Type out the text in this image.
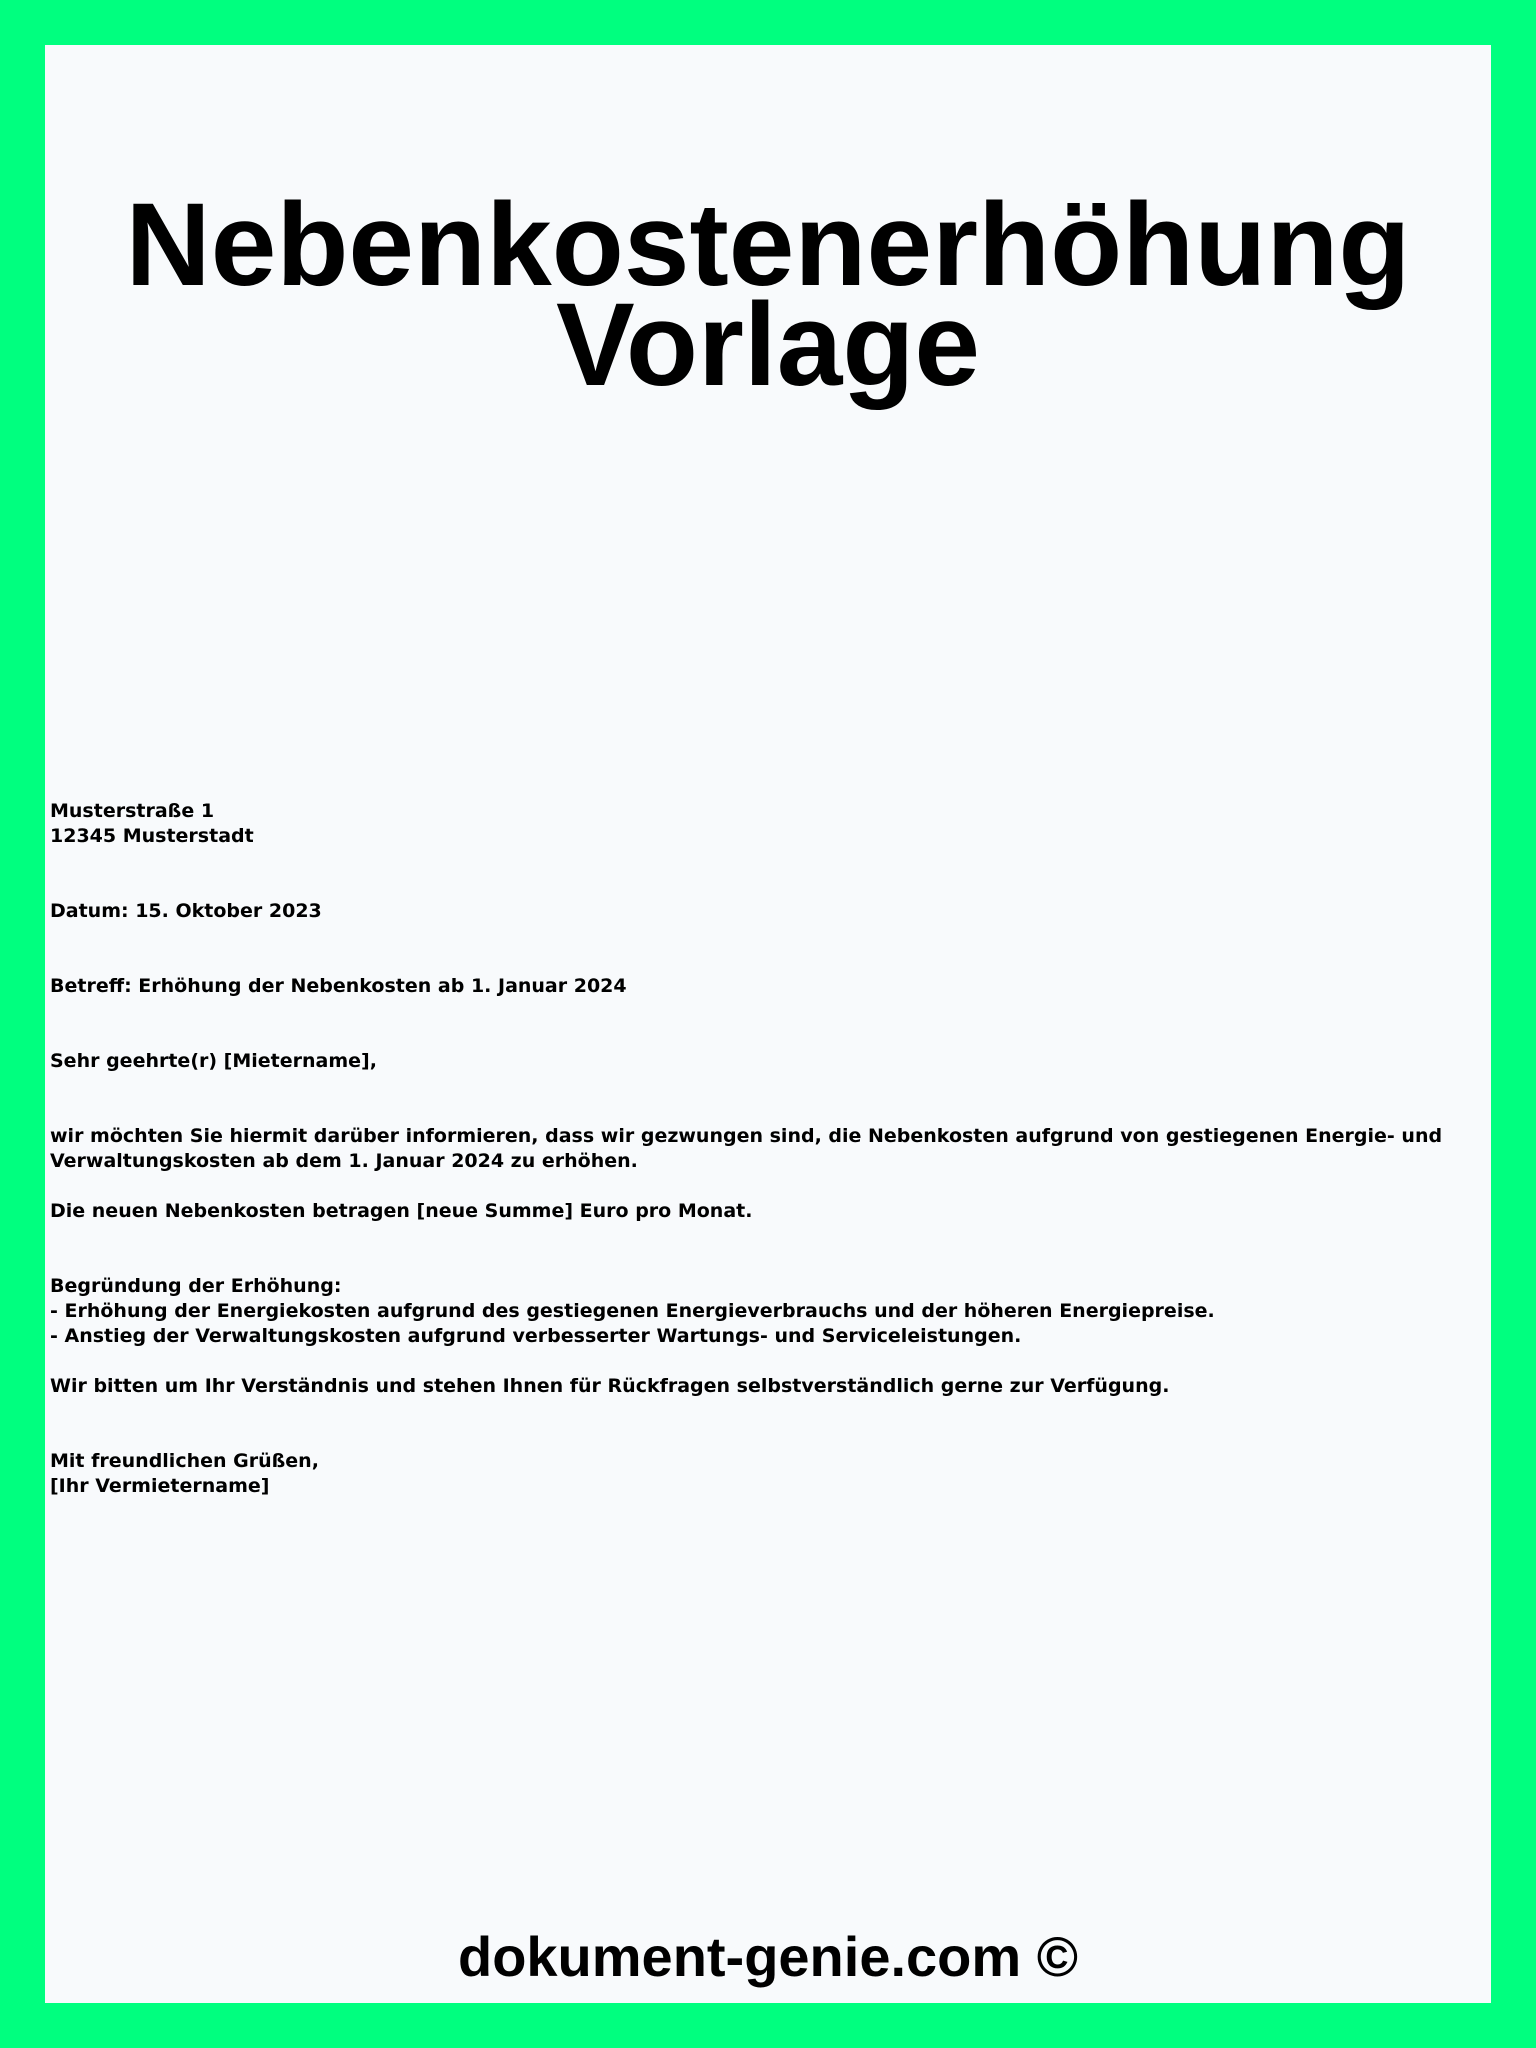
Nebenkostenerhöhung
Vorlage

Musterstraße 1

12345 Musterstadt

Datum: 15. Oktober 2023

Betreff: Erhöhung der Nebenkosten ab 1. Januar 2024

Sehr geehrte(r) [Mietername],

wir möchten Sie hiermit darüber informieren, dass wir gezwungen sind, die Nebenkosten aufgrund von gestiegenen Energie- und Verwaltungskosten ab dem 1. Januar 2024 zu erhöhen.

Die neuen Nebenkosten betragen [neue Summe] Euro pro Monat.

Begründung der Erhöhung:

- Erhöhung der Energiekosten aufgrund des gestiegenen Energieverbrauchs und der höheren Energiepreise.

- Anstieg der Verwaltungskosten aufgrund verbesserter Wartungs- und Serviceleistungen.

Wir bitten um Ihr Verständnis und stehen Ihnen für Rückfragen selbstverständlich gerne zur Verfügung.

Mit freundlichen Grüßen,

[Ihr Vermietername]

dokument-genie.com ©
